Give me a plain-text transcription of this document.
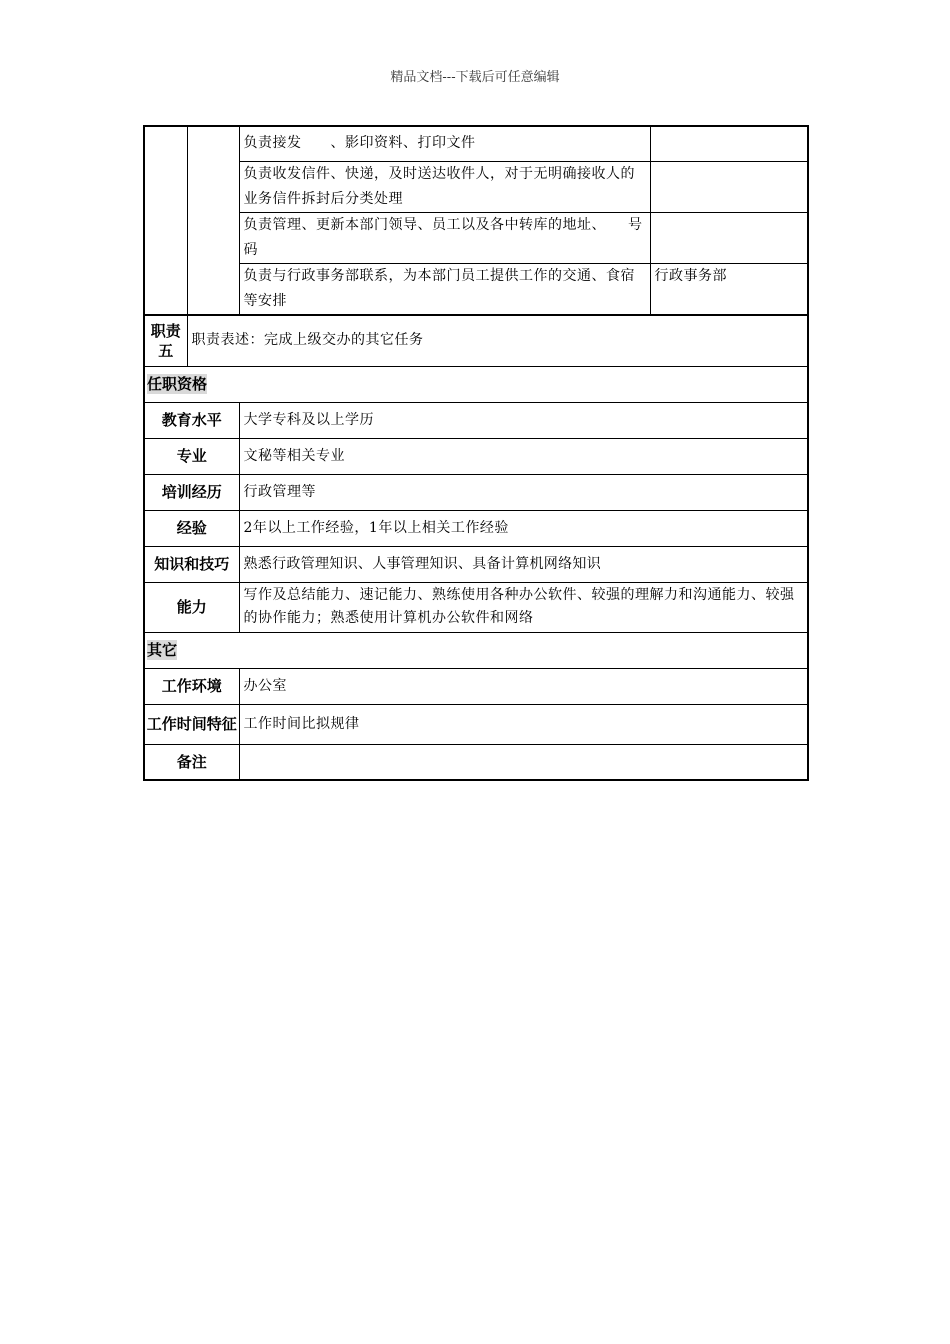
精品文档---下载后可任意编辑
		负责接发　　、影印资料、打印文件	
		负责收发信件、快递，及时送达收件人，对于无明确接收人的业务信件拆封后分类处理	
		负责管理、更新本部门领导、员工以及各中转库的地址、　　号码	
		负责与行政事务部联系，为本部门员工提供工作的交通、食宿等安排	行政事务部
职责五	职责表述：完成上级交办的其它任务	
任职资格		
教育水平		大学专科及以上学历
专业		文秘等相关专业
培训经历		行政管理等
经验		2年以上工作经验，1年以上相关工作经验
知识和技巧		熟悉行政管理知识、人事管理知识、具备计算机网络知识
能力		写作及总结能力、速记能力、熟练使用各种办公软件、较强的理解力和沟通能力、较强的协作能力；熟悉使用计算机办公软件和网络
其它		
工作环境		办公室
工作时间特征		工作时间比拟规律
备注		
